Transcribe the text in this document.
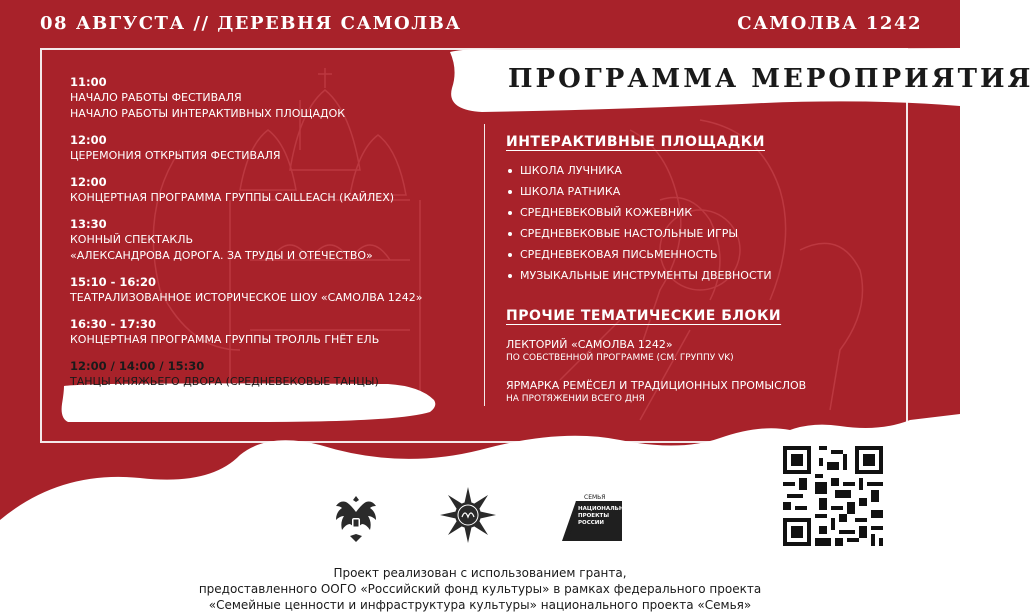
08 АВГУСТА // ДЕРЕВНЯ САМОЛВА	САМОЛВА 1242
ПРОГРАММА МЕРОПРИЯТИЯ
11:00
НАЧАЛО РАБОТЫ ФЕСТИВАЛЯ
НАЧАЛО РАБОТЫ ИНТЕРАКТИВНЫХ ПЛОЩАДОК
12:00
ЦЕРЕМОНИЯ ОТКРЫТИЯ ФЕСТИВАЛЯ
12:00
КОНЦЕРТНАЯ ПРОГРАММА ГРУППЫ CAILLEACH (КАЙЛЕХ)
13:30
КОННЫЙ СПЕКТАКЛЬ
«АЛЕКСАНДРОВА ДОРОГА. ЗА ТРУДЫ И ОТЕЧЕСТВО»
15:10 - 16:20
ТЕАТРАЛИЗОВАННОЕ ИСТОРИЧЕСКОЕ ШОУ «САМОЛВА 1242»
16:30 - 17:30
КОНЦЕРТНАЯ ПРОГРАММА ГРУППЫ ТРОЛЛЬ ГНЁТ ЕЛЬ
12:00 / 14:00 / 15:30
ТАНЦЫ КНЯЖЬЕГО ДВОРА (СРЕДНЕВЕКОВЫЕ ТАНЦЫ)
ИНТЕРАКТИВНЫЕ ПЛОЩАДКИ
ШКОЛА ЛУЧНИКА
ШКОЛА РАТНИКА
СРЕДНЕВЕКОВЫЙ КОЖЕВНИК
СРЕДНЕВЕКОВЫЕ НАСТОЛЬНЫЕ ИГРЫ
СРЕДНЕВЕКОВАЯ ПИСЬМЕННОСТЬ
МУЗЫКАЛЬНЫЕ ИНСТРУМЕНТЫ ДВЕВНОСТИ
ПРОЧИЕ ТЕМАТИЧЕСКИЕ БЛОКИ
ЛЕКТОРИЙ «САМОЛВА 1242»
ПО СОБСТВЕННОЙ ПРОГРАММЕ (СМ. ГРУППУ VK)
ЯРМАРКА РЕМЁСЕЛ И ТРАДИЦИОННЫХ ПРОМЫСЛОВ
НА ПРОТЯЖЕНИИ ВСЕГО ДНЯ
СЕМЬЯ
НАЦИОНАЛЬНЫЕ
ПРОЕКТЫ
РОССИИ
Проект реализован с использованием гранта,
предоставленного ООГО «Российский фонд культуры» в рамках федерального проекта
«Семейные ценности и инфраструктура культуры» национального проекта «Семья»
